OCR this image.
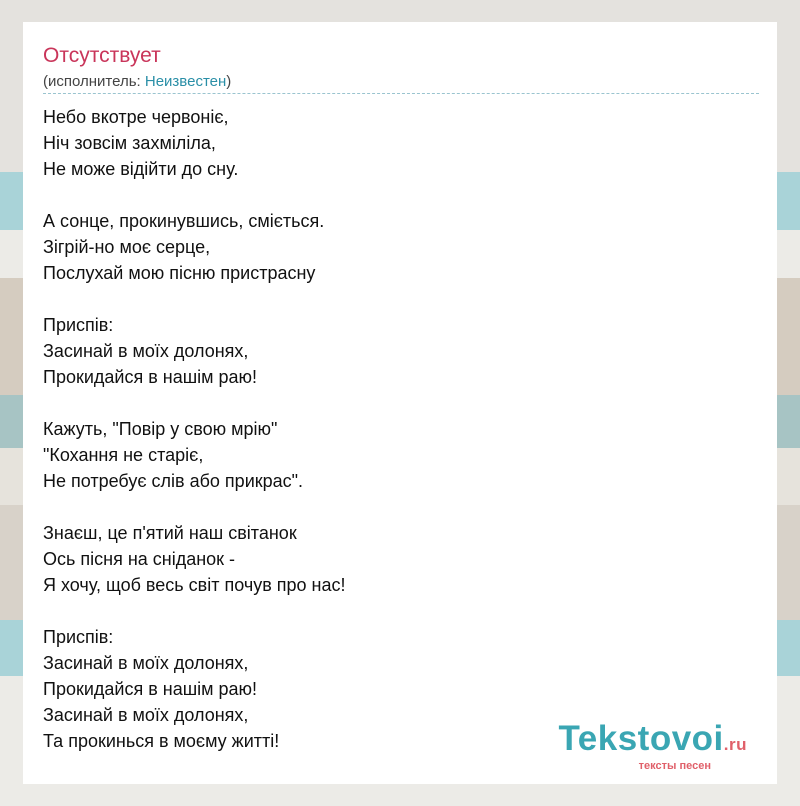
Отсутствует
(исполнитель: Неизвестен)
Небо вкотре червоніє,
Ніч зовсім захміліла,
Не може відійти до сну.
А сонце, прокинувшись, сміється.
Зігрій-но моє серце,
Послухай мою пісню пристрасну
Приспів:
Засинай в моїх долонях,
Прокидайся в нашім раю!
Кажуть, "Повір у свою мрію"
"Кохання не старіє,
Не потребує слів або прикрас".
Знаєш, це п'ятий наш світанок
Ось пісня на сніданок -
Я хочу, щоб весь світ почув про нас!
Приспів:
Засинай в моїх долонях,
Прокидайся в нашім раю!
Засинай в моїх долонях,
Та прокинься в моєму житті!	Tekstovoi.ru
тексты песен
